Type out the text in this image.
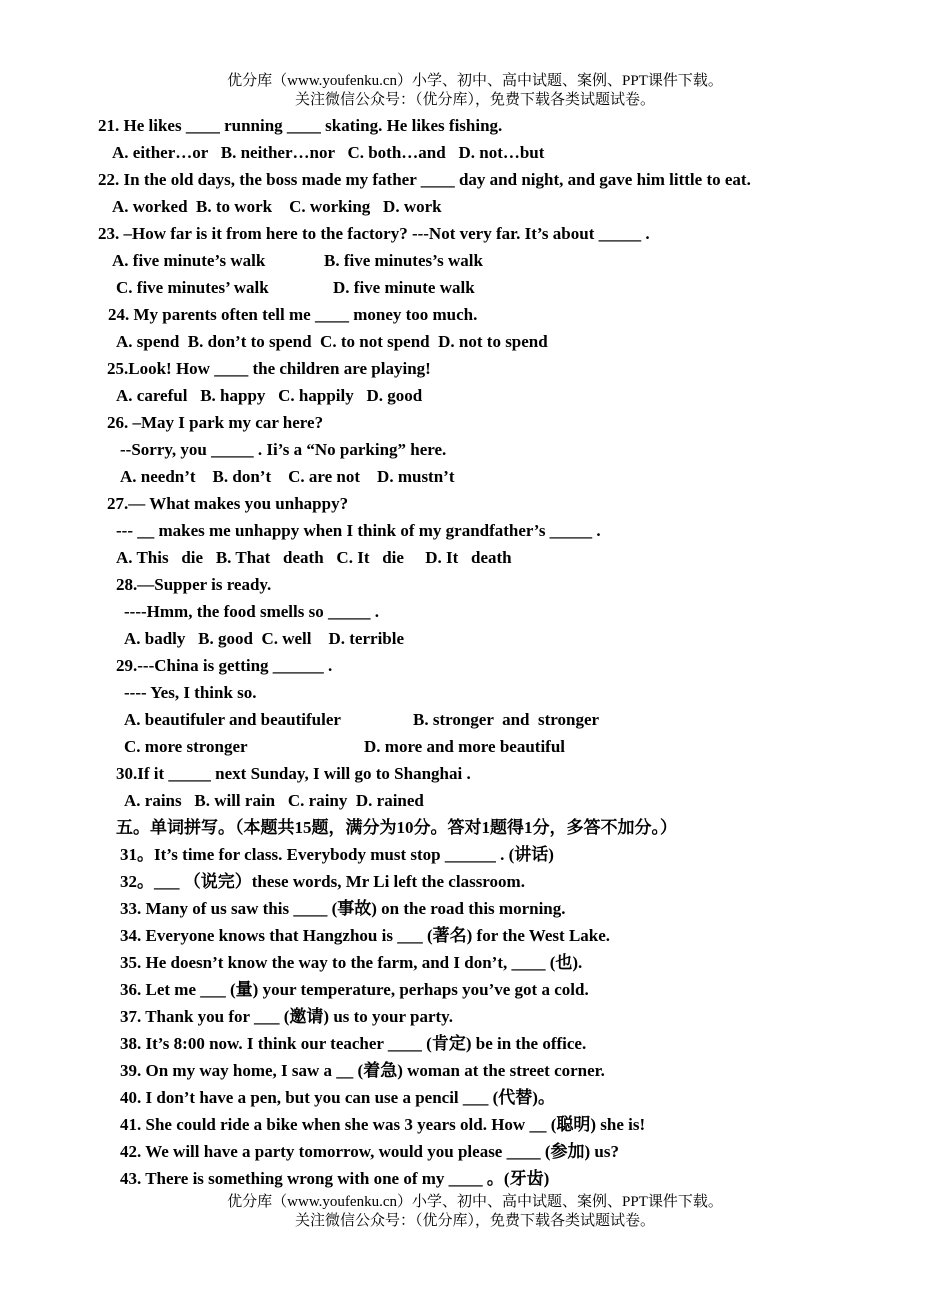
优分库（www.youfenku.cn）小学、初中、高中试题、案例、PPT课件下载。
关注微信公众号：（优分库），免费下载各类试题试卷。
21. He likes ____ running ____ skating. He likes fishing.
A. either…or   B. neither…nor   C. both…and   D. not…but
22. In the old days, the boss made my father ____ day and night, and gave him little to eat.
A. worked  B. to work    C. working   D. work
23. –How far is it from here to the factory? ---Not very far. It’s about _____ .
A. five minute’s walk	B. five minutes’s walk
C. five minutes’ walk	D. five minute walk
24. My parents often tell me ____ money too much.
A. spend  B. don’t to spend  C. to not spend  D. not to spend
25.Look! How ____ the children are playing!
A. careful   B. happy   C. happily   D. good
26. –May I park my car here?
--Sorry, you _____ . Ii’s a “No parking” here.
A. needn’t    B. don’t    C. are not    D. mustn’t
27.— What makes you unhappy?
--- __ makes me unhappy when I think of my grandfather’s _____ .
A. This   die   B. That   death   C. It   die     D. It   death
28.—Supper is ready.
----Hmm, the food smells so _____ .
A. badly   B. good  C. well    D. terrible
29.---China is getting ______ .
---- Yes, I think so.
A. beautifuler and beautifuler	B. stronger  and  stronger
C. more stronger	D. more and more beautiful
30.If it _____ next Sunday, I will go to Shanghai .
A. rains   B. will rain   C. rainy  D. rained
五。单词拼写。（本题共15题，满分为10分。答对1题得1分，多答不加分。）
31。It’s time for class. Everybody must stop ______ . (讲话)
32。___ （说完）these words, Mr Li left the classroom.
33. Many of us saw this ____ (事故) on the road this morning.
34. Everyone knows that Hangzhou is ___ (著名) for the West Lake.
35. He doesn’t know the way to the farm, and I don’t, ____ (也).
36. Let me ___ (量) your temperature, perhaps you’ve got a cold.
37. Thank you for ___ (邀请) us to your party.
38. It’s 8:00 now. I think our teacher ____ (肯定) be in the office.
39. On my way home, I saw a __ (着急) woman at the street corner.
40. I don’t have a pen, but you can use a pencil ___ (代替)。
41. She could ride a bike when she was 3 years old. How __ (聪明) she is!
42. We will have a party tomorrow, would you please ____ (参加) us?
43. There is something wrong with one of my ____ 。(牙齿)
优分库（www.youfenku.cn）小学、初中、高中试题、案例、PPT课件下载。
关注微信公众号：（优分库），免费下载各类试题试卷。
